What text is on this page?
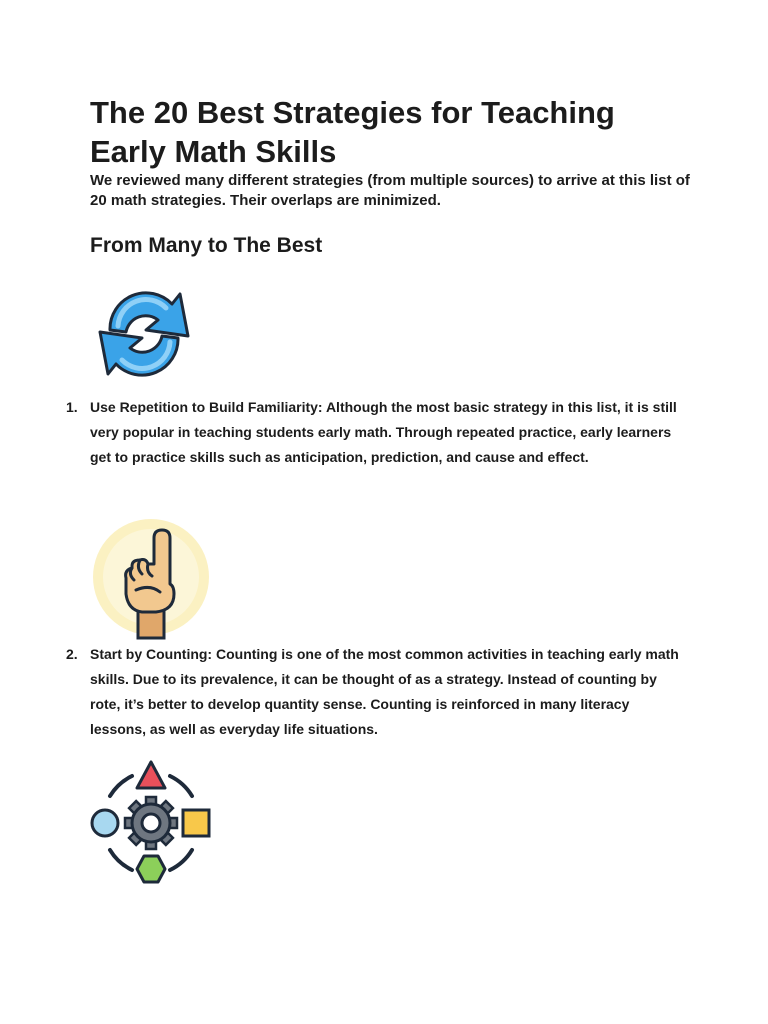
The 20 Best Strategies for Teaching Early Math Skills

We reviewed many different strategies (from multiple sources) to arrive at this list of 20 math strategies. Their overlaps are minimized.

From Many to The Best
1. Use Repetition to Build Familiarity: Although the most basic strategy in this list, it is still very popular in teaching students early math. Through repeated practice, early learners get to practice skills such as anticipation, prediction, and cause and effect.
2. Start by Counting: Counting is one of the most common activities in teaching early math skills. Due to its prevalence, it can be thought of as a strategy. Instead of counting by rote, it’s better to develop quantity sense. Counting is reinforced in many literacy lessons, as well as everyday life situations.
